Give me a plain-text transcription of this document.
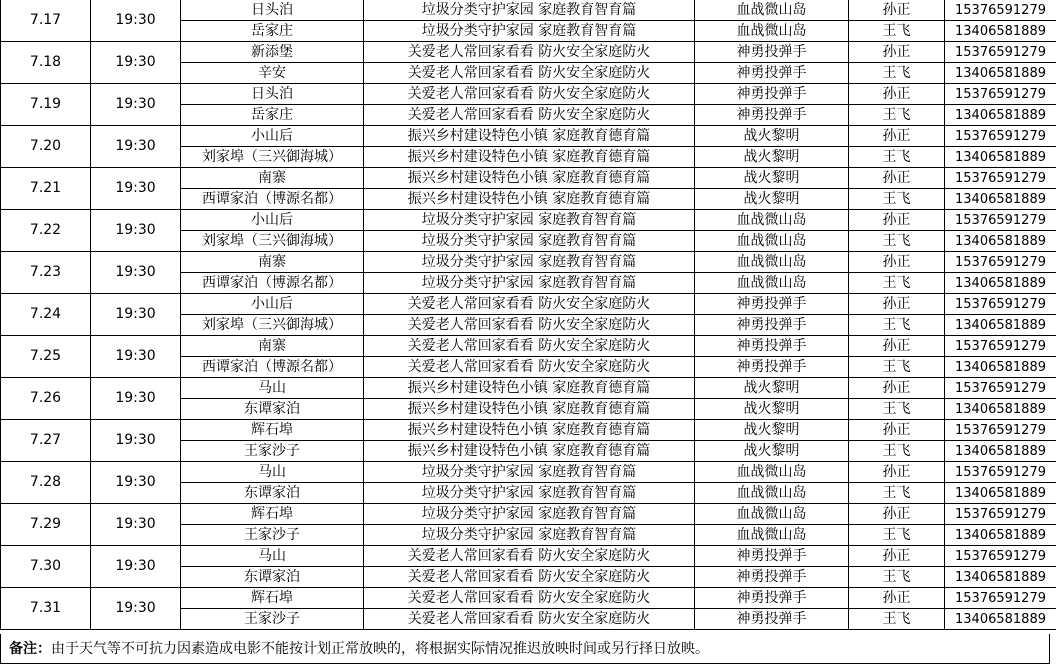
7.17	19:30	日头泊	垃圾分类守护家园 家庭教育智育篇	血战微山岛	孙正	15376591279
		岳家庄	垃圾分类守护家园 家庭教育智育篇	血战微山岛	王飞	13406581889
7.18	19:30	新添堡	关爱老人常回家看看 防火安全家庭防火	神勇投弹手	孙正	15376591279
		辛安	关爱老人常回家看看 防火安全家庭防火	神勇投弹手	王飞	13406581889
7.19	19:30	日头泊	关爱老人常回家看看 防火安全家庭防火	神勇投弹手	孙正	15376591279
		岳家庄	关爱老人常回家看看 防火安全家庭防火	神勇投弹手	王飞	13406581889
7.20	19:30	小山后	振兴乡村建设特色小镇 家庭教育德育篇	战火黎明	孙正	15376591279
		刘家埠（三兴御海城）	振兴乡村建设特色小镇 家庭教育德育篇	战火黎明	王飞	13406581889
7.21	19:30	南寨	振兴乡村建设特色小镇 家庭教育德育篇	战火黎明	孙正	15376591279
		西谭家泊（博源名都）	振兴乡村建设特色小镇 家庭教育德育篇	战火黎明	王飞	13406581889
7.22	19:30	小山后	垃圾分类守护家园 家庭教育智育篇	血战微山岛	孙正	15376591279
		刘家埠（三兴御海城）	垃圾分类守护家园 家庭教育智育篇	血战微山岛	王飞	13406581889
7.23	19:30	南寨	垃圾分类守护家园 家庭教育智育篇	血战微山岛	孙正	15376591279
		西谭家泊（博源名都）	垃圾分类守护家园 家庭教育智育篇	血战微山岛	王飞	13406581889
7.24	19:30	小山后	关爱老人常回家看看 防火安全家庭防火	神勇投弹手	孙正	15376591279
		刘家埠（三兴御海城）	关爱老人常回家看看 防火安全家庭防火	神勇投弹手	王飞	13406581889
7.25	19:30	南寨	关爱老人常回家看看 防火安全家庭防火	神勇投弹手	孙正	15376591279
		西谭家泊（博源名都）	关爱老人常回家看看 防火安全家庭防火	神勇投弹手	王飞	13406581889
7.26	19:30	马山	振兴乡村建设特色小镇 家庭教育德育篇	战火黎明	孙正	15376591279
		东谭家泊	振兴乡村建设特色小镇 家庭教育德育篇	战火黎明	王飞	13406581889
7.27	19:30	辉石埠	振兴乡村建设特色小镇 家庭教育德育篇	战火黎明	孙正	15376591279
		王家沙子	振兴乡村建设特色小镇 家庭教育德育篇	战火黎明	王飞	13406581889
7.28	19:30	马山	垃圾分类守护家园 家庭教育智育篇	血战微山岛	孙正	15376591279
		东谭家泊	垃圾分类守护家园 家庭教育智育篇	血战微山岛	王飞	13406581889
7.29	19:30	辉石埠	垃圾分类守护家园 家庭教育智育篇	血战微山岛	孙正	15376591279
		王家沙子	垃圾分类守护家园 家庭教育智育篇	血战微山岛	王飞	13406581889
7.30	19:30	马山	关爱老人常回家看看 防火安全家庭防火	神勇投弹手	孙正	15376591279
		东谭家泊	关爱老人常回家看看 防火安全家庭防火	神勇投弹手	王飞	13406581889
7.31	19:30	辉石埠	关爱老人常回家看看 防火安全家庭防火	神勇投弹手	孙正	15376591279
		王家沙子	关爱老人常回家看看 防火安全家庭防火	神勇投弹手	王飞	13406581889
备注：由于天气等不可抗力因素造成电影不能按计划正常放映的，将根据实际情况推迟放映时间或另行择日放映。
